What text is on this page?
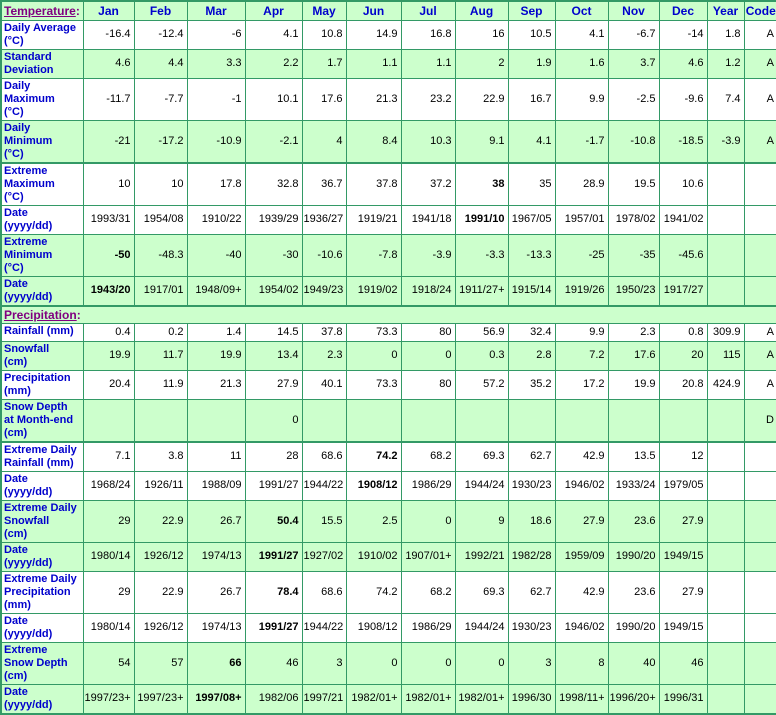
Temperature:	Jan	Feb	Mar	Apr	May	Jun	Jul	Aug	Sep	Oct	Nov	Dec	Year	Code
Daily Average
(°C)	-16.4	-12.4	-6	4.1	10.8	14.9	16.8	16	10.5	4.1	-6.7	-14	1.8	A
Standard
Deviation	4.6	4.4	3.3	2.2	1.7	1.1	1.1	2	1.9	1.6	3.7	4.6	1.2	A
Daily
Maximum
(°C)	-11.7	-7.7	-1	10.1	17.6	21.3	23.2	22.9	16.7	9.9	-2.5	-9.6	7.4	A
Daily
Minimum
(°C)	-21	-17.2	-10.9	-2.1	4	8.4	10.3	9.1	4.1	-1.7	-10.8	-18.5	-3.9	A
Extreme
Maximum
(°C)	10	10	17.8	32.8	36.7	37.8	37.2	38	35	28.9	19.5	10.6		
Date
(yyyy/dd)	1993/31	1954/08	1910/22	1939/29	1936/27	1919/21	1941/18	1991/10	1967/05	1957/01	1978/02	1941/02		
Extreme
Minimum
(°C)	-50	-48.3	-40	-30	-10.6	-7.8	-3.9	-3.3	-13.3	-25	-35	-45.6		
Date
(yyyy/dd)	1943/20	1917/01	1948/09+	1954/02	1949/23	1919/02	1918/24	1911/27+	1915/14	1919/26	1950/23	1917/27		
Precipitation:														
Rainfall (mm)	0.4	0.2	1.4	14.5	37.8	73.3	80	56.9	32.4	9.9	2.3	0.8	309.9	A
Snowfall
(cm)	19.9	11.7	19.9	13.4	2.3	0	0	0.3	2.8	7.2	17.6	20	115	A
Precipitation
(mm)	20.4	11.9	21.3	27.9	40.1	73.3	80	57.2	35.2	17.2	19.9	20.8	424.9	A
Snow Depth
at Month-end
(cm)				0										D
Extreme Daily
Rainfall (mm)	7.1	3.8	11	28	68.6	74.2	68.2	69.3	62.7	42.9	13.5	12		
Date
(yyyy/dd)	1968/24	1926/11	1988/09	1991/27	1944/22	1908/12	1986/29	1944/24	1930/23	1946/02	1933/24	1979/05		
Extreme Daily
Snowfall
(cm)	29	22.9	26.7	50.4	15.5	2.5	0	9	18.6	27.9	23.6	27.9		
Date
(yyyy/dd)	1980/14	1926/12	1974/13	1991/27	1927/02	1910/02	1907/01+	1992/21	1982/28	1959/09	1990/20	1949/15		
Extreme Daily
Precipitation
(mm)	29	22.9	26.7	78.4	68.6	74.2	68.2	69.3	62.7	42.9	23.6	27.9		
Date
(yyyy/dd)	1980/14	1926/12	1974/13	1991/27	1944/22	1908/12	1986/29	1944/24	1930/23	1946/02	1990/20	1949/15		
Extreme
Snow Depth
(cm)	54	57	66	46	3	0	0	0	3	8	40	46		
Date
(yyyy/dd)	1997/23+	1997/23+	1997/08+	1982/06	1997/21	1982/01+	1982/01+	1982/01+	1996/30	1998/11+	1996/20+	1996/31		
